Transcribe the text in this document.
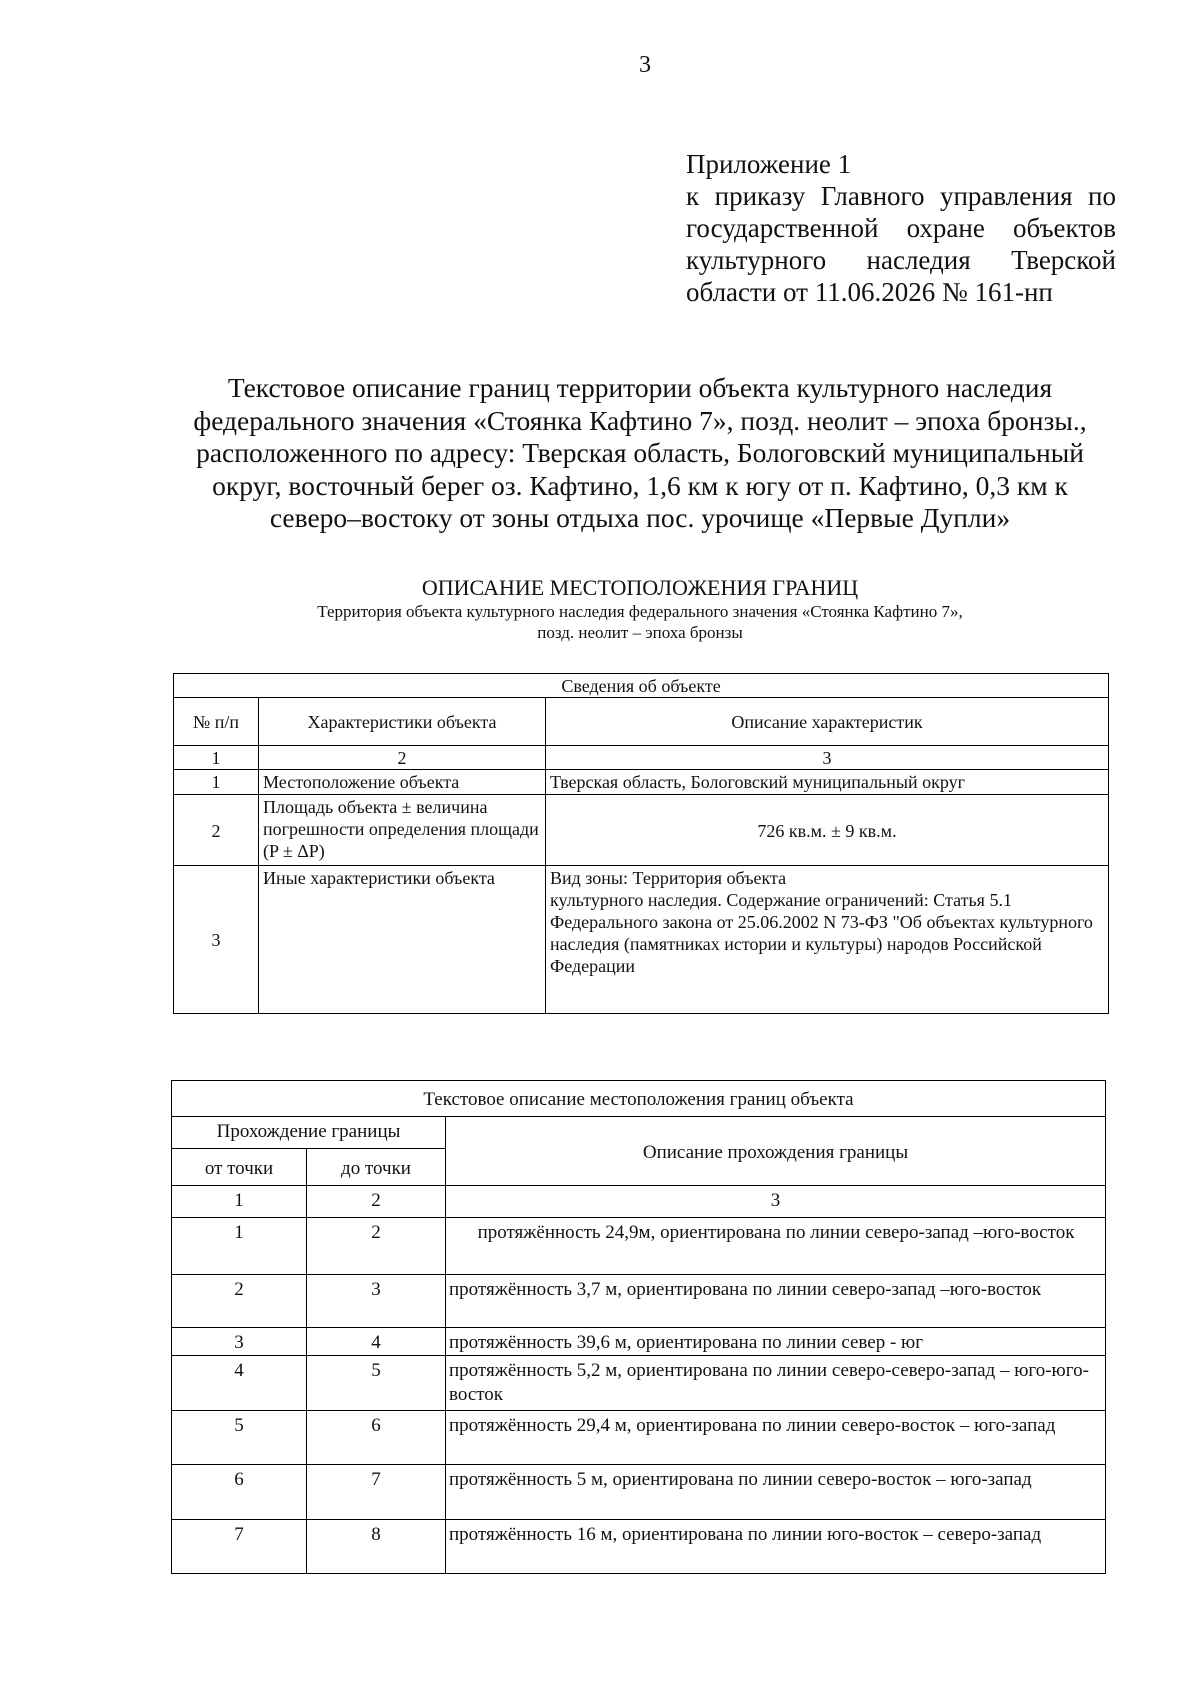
3
Приложение 1
к приказу Главного управления по
государственной охране объектов
культурного наследия Тверской
области от 11.06.2026 № 161-нп
Текстовое описание границ территории объекта культурного наследия
федерального значения «Стоянка Кафтино 7», позд. неолит – эпоха бронзы.,
расположенного по адресу: Тверская область, Бологовский муниципальный
округ, восточный берег оз. Кафтино, 1,6 км к югу от п. Кафтино, 0,3 км к
северо–востоку от зоны отдыха пос. урочище «Первые Дупли»
ОПИСАНИЕ МЕСТОПОЛОЖЕНИЯ ГРАНИЦ
Территория объекта культурного наследия федерального значения «Стоянка Кафтино 7»,
позд. неолит – эпоха бронзы
Сведения об объекте		
№ п/п	Характеристики объекта	Описание характеристик
1	2	3
1	Местоположение объекта	Тверская область, Бологовский муниципальный округ
2	Площадь объекта ± величина погрешности определения площади (P ± ΔP)	726 кв.м. ± 9 кв.м.
3	Иные характеристики объекта	Вид зоны: Территория объекта
культурного наследия. Содержание ограничений: Статья 5.1 Федерального закона от 25.06.2002 N 73-ФЗ "Об объектах культурного наследия (памятниках истории и культуры) народов Российской Федерации
Текстовое описание местоположения границ объекта		
Прохождение границы		Описание прохождения границы
от точки	до точки	
1	2	3
1	2	протяжённость 24,9м, ориентирована по линии северо-запад –юго-восток
2	3	протяжённость 3,7 м, ориентирована по линии северо-запад –юго-восток
3	4	протяжённость 39,6 м, ориентирована по линии север - юг
4	5	протяжённость 5,2 м, ориентирована по линии северо-северо-запад – юго-юго-восток
5	6	протяжённость 29,4 м, ориентирована по линии северо-восток – юго-запад
6	7	протяжённость 5 м, ориентирована по линии северо-восток – юго-запад
7	8	протяжённость 16 м, ориентирована по линии юго-восток – северо-запад
